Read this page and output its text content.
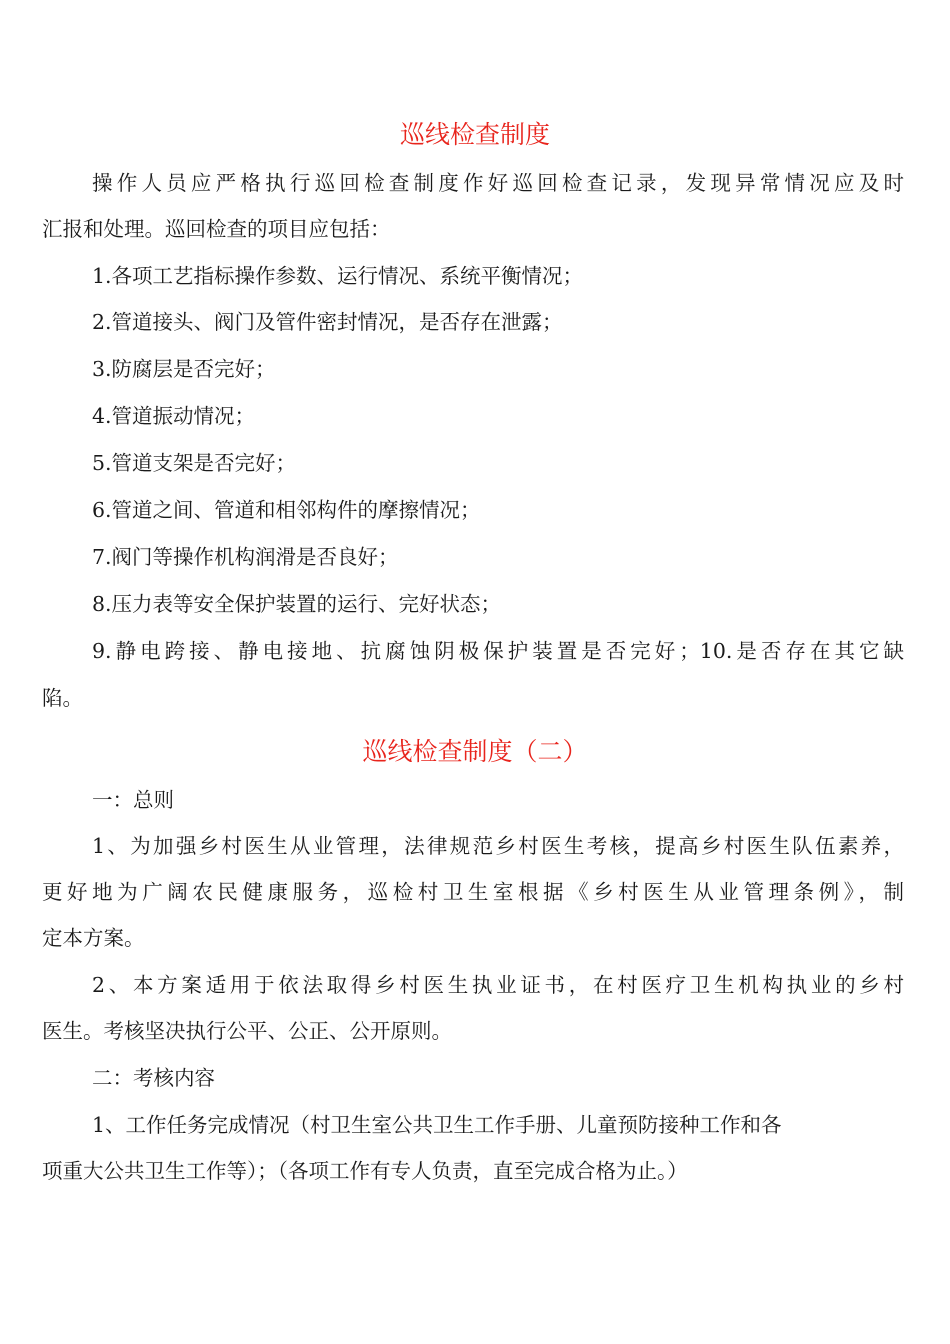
巡线检查制度
操作人员应严格执行巡回检查制度作好巡回检查记录，发现异常情况应及时
汇报和处理。巡回检查的项目应包括：
1.各项工艺指标操作参数、运行情况、系统平衡情况；
2.管道接头、阀门及管件密封情况，是否存在泄露；
3.防腐层是否完好；
4.管道振动情况；
5.管道支架是否完好；
6.管道之间、管道和相邻构件的摩擦情况；
7.阀门等操作机构润滑是否良好；
8.压力表等安全保护装置的运行、完好状态；
9.静电跨接、静电接地、抗腐蚀阴极保护装置是否完好；10.是否存在其它缺
陷。
巡线检查制度（二）
一：总则
1、为加强乡村医生从业管理，法律规范乡村医生考核，提高乡村医生队伍素养，
更好地为广阔农民健康服务，巡检村卫生室根据《乡村医生从业管理条例》，制
定本方案。
2、本方案适用于依法取得乡村医生执业证书，在村医疗卫生机构执业的乡村
医生。考核坚决执行公平、公正、公开原则。
二：考核内容
1、工作任务完成情况（村卫生室公共卫生工作手册、儿童预防接种工作和各
项重大公共卫生工作等）；（各项工作有专人负责，直至完成合格为止。）
